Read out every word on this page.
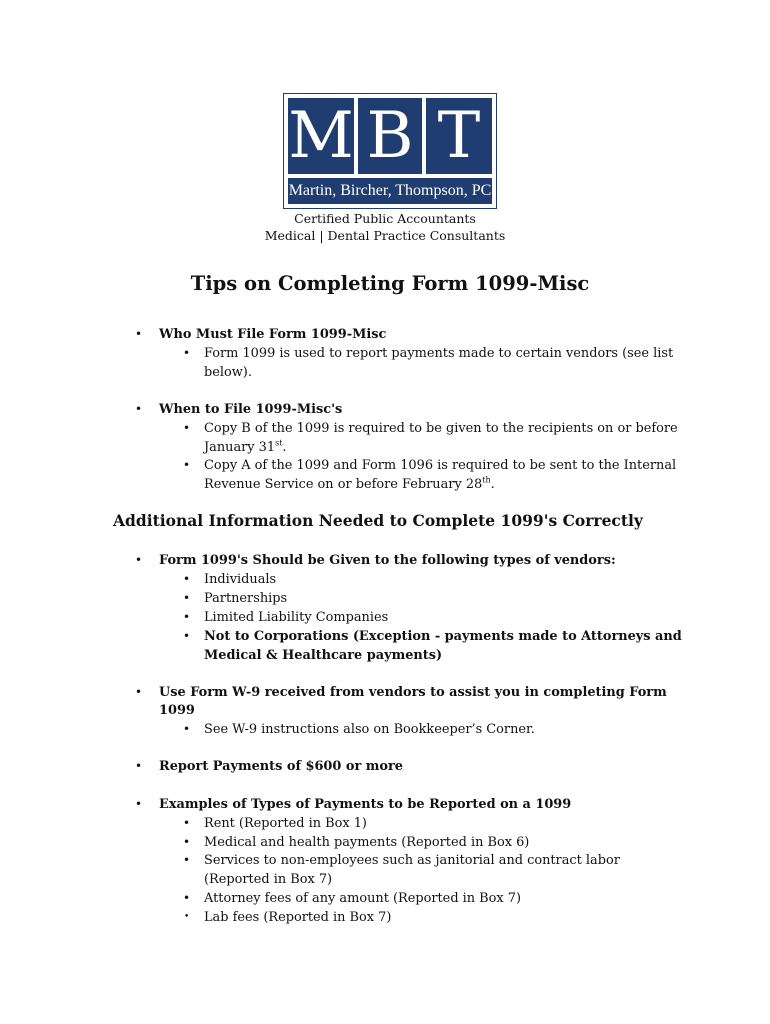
M B T
Martin, Bircher, Thompson, PC
Certified Public Accountants
Medical | Dental Practice Consultants
Tips on Completing Form 1099-Misc
• Who Must File Form 1099-Misc
• Form 1099 is used to report payments made to certain vendors (see list
below).
• When to File 1099-Misc's
• Copy B of the 1099 is required to be given to the recipients on or before
January 31st.
• Copy A of the 1099 and Form 1096 is required to be sent to the Internal
Revenue Service on or before February 28th.
Additional Information Needed to Complete 1099's Correctly
• Form 1099's Should be Given to the following types of vendors:
• Individuals
• Partnerships
• Limited Liability Companies
• Not to Corporations (Exception - payments made to Attorneys and
Medical & Healthcare payments)
• Use Form W-9 received from vendors to assist you in completing Form
1099
• See W-9 instructions also on Bookkeeper’s Corner.
• Report Payments of $600 or more
• Examples of Types of Payments to be Reported on a 1099
• Rent (Reported in Box 1)
• Medical and health payments (Reported in Box 6)
• Services to non-employees such as janitorial and contract labor
(Reported in Box 7)
• Attorney fees of any amount (Reported in Box 7)
• Lab fees (Reported in Box 7)
